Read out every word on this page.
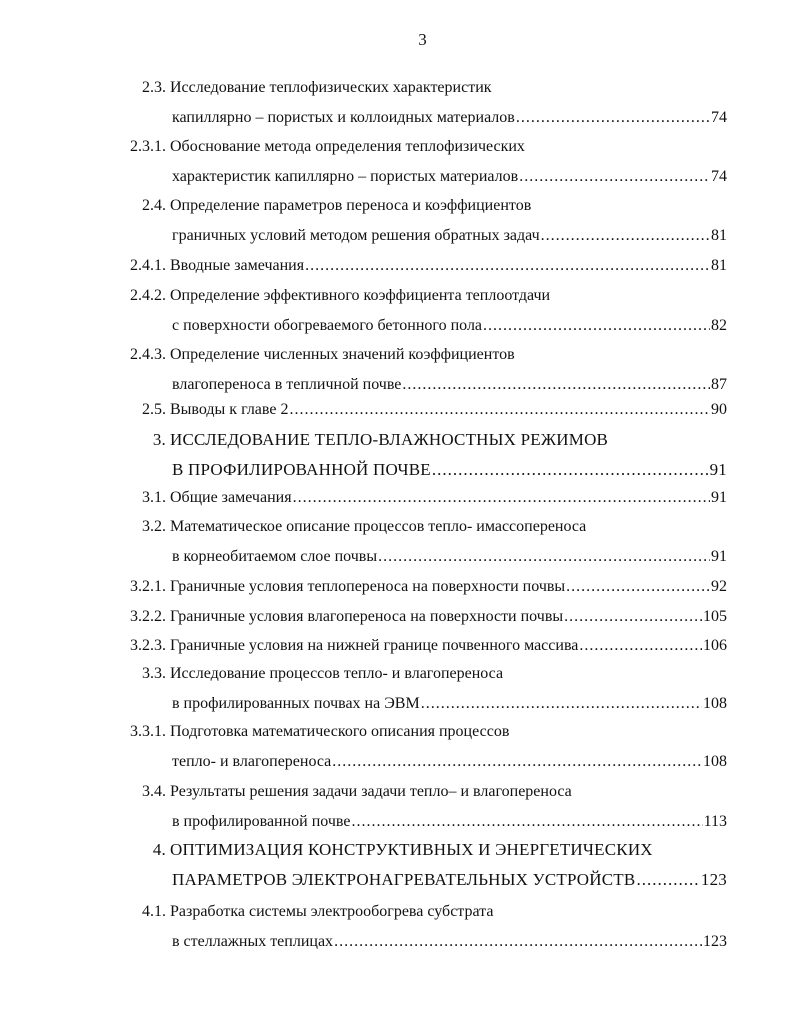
3
2.3. Исследование теплофизических характеристик
капиллярно – пористых и коллоидных материалов .....	74
2.3.1. Обоснование метода определения теплофизических
характеристик капиллярно – пористых материалов .....	74
2.4. Определение параметров переноса и коэффициентов
граничных условий методом решения обратных задач .....	81
2.4.1. Вводные замечания .....	81
2.4.2. Определение эффективного коэффициента теплоотдачи
с поверхности обогреваемого бетонного пола .....	82
2.4.3. Определение численных значений коэффициентов
влагопереноса в тепличной почве .....	87
2.5. Выводы к главе 2 .....	90
3. ИССЛЕДОВАНИЕ ТЕПЛО-ВЛАЖНОСТНЫХ РЕЖИМОВ
В ПРОФИЛИРОВАННОЙ ПОЧВЕ .....	91
3.1. Общие замечания .....	91
3.2. Математическое описание процессов тепло- имассопереноса
в корнеобитаемом слое почвы .....	91
3.2.1. Граничные условия теплопереноса на поверхности почвы .....	92
3.2.2. Граничные условия влагопереноса на поверхности почвы .....	105
3.2.3. Граничные условия на нижней границе почвенного массива .....	106
3.3. Исследование процессов тепло- и влагопереноса
в профилированных почвах на ЭВМ .....	108
3.3.1. Подготовка математического описания процессов
тепло- и влагопереноса .....	108
3.4. Результаты решения задачи задачи тепло– и влагопереноса
в профилированной почве .....	113
4. ОПТИМИЗАЦИЯ КОНСТРУКТИВНЫХ И ЭНЕРГЕТИЧЕСКИХ
ПАРАМЕТРОВ ЭЛЕКТРОНАГРЕВАТЕЛЬНЫХ УСТРОЙСТВ .....	123
4.1. Разработка системы электрообогрева субстрата
в стеллажных теплицах .....	123
